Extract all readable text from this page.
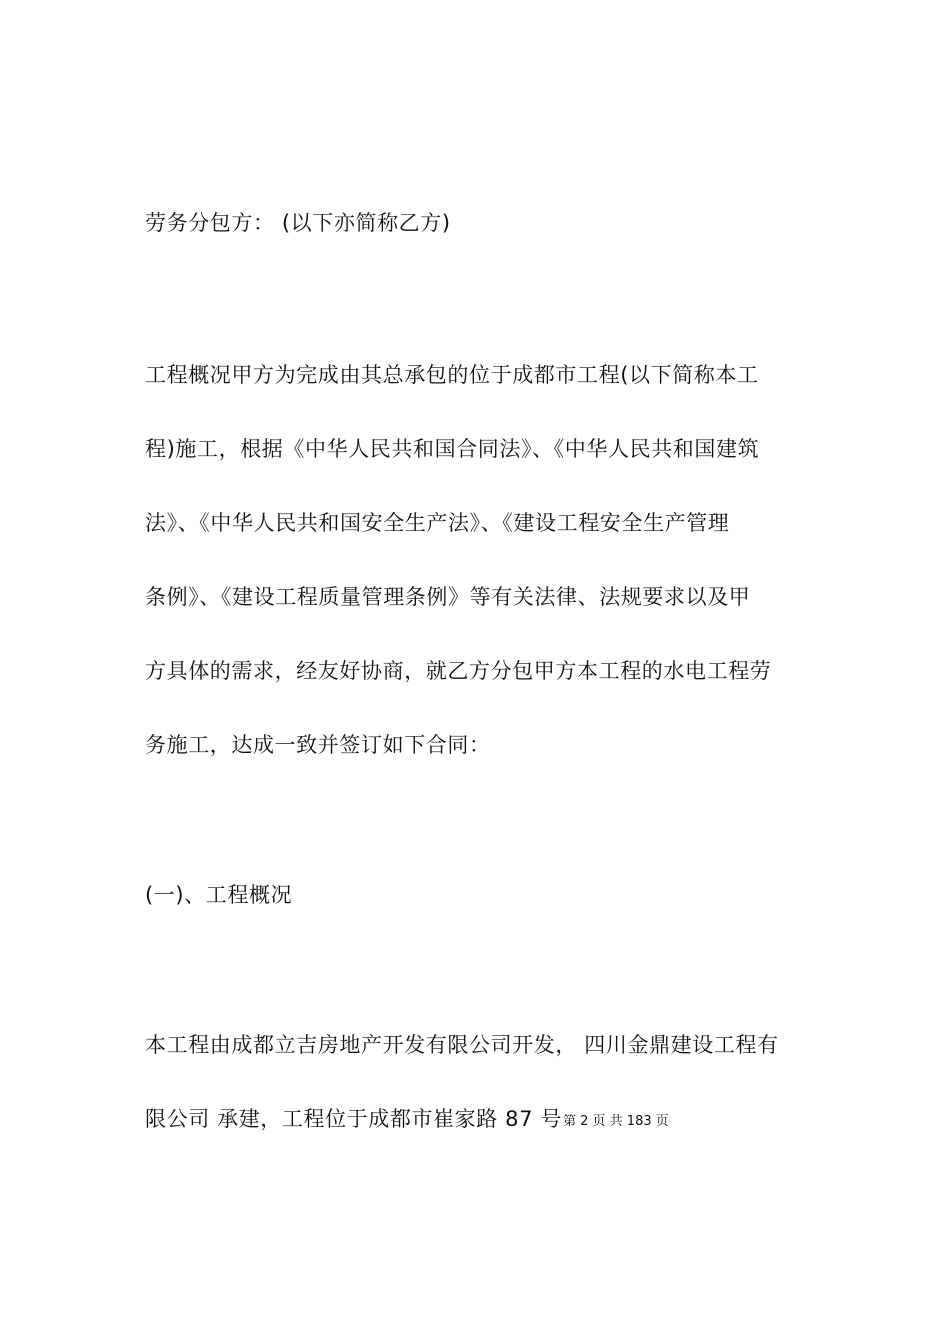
劳务分包方： (以下亦简称乙方)
工程概况甲方为完成由其总承包的位于成都市工程(以下简称本工
程)施工，根据《中华人民共和国合同法》、《中华人民共和国建筑
法》、《中华人民共和国安全生产法》、《建设工程安全生产管理
条例》、《建设工程质量管理条例》等有关法律、法规要求以及甲
方具体的需求，经友好协商，就乙方分包甲方本工程的水电工程劳
务施工，达成一致并签订如下合同：
(一)、工程概况
本工程由成都立吉房地产开发有限公司开发， 四川金鼎建设工程有
限公司 承建，工程位于成都市崔家路 87 号 第 2 页 共 183 页
